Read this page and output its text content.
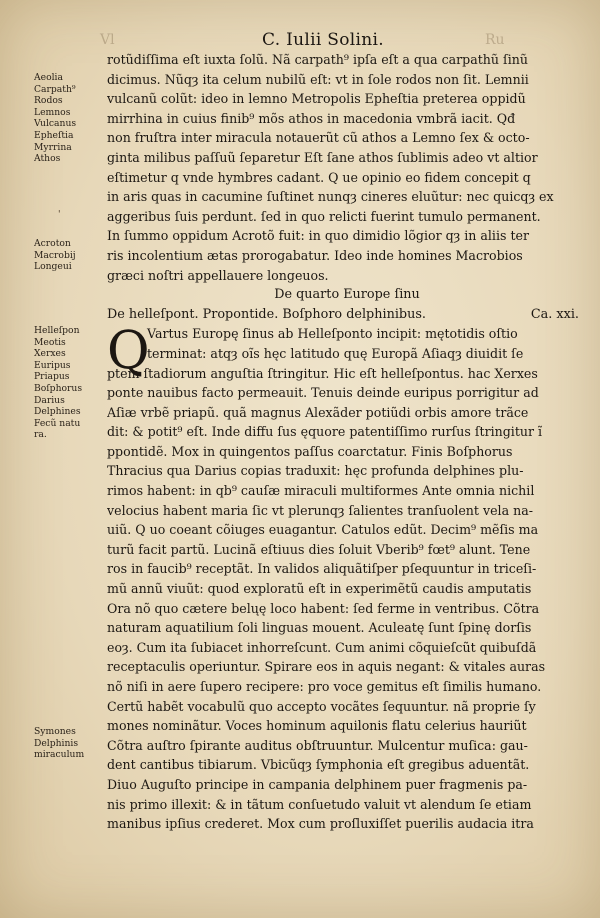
Vl	Ru
C. Iulii Solini.
Aeolia
Carpath⁹
Rodos
Lemnos
Vulcanus
Epheſtia
Myrrina
Athos
'
Acroton
Macrobij
Longeui
Helleſpon
Meotis
Xerxes
Euripus
Priapus
Boſphorus
Darius
Delphines
Fecũ natu
ra.
Symones
Delphinis
miraculum
Q
rotũdiſſima eſt iuxta ſolũ. Nã carpath⁹ ipſa eſt a qua carpathũ ſinũ
dicimus. Nũqȝ ita celum nubilũ eſt: vt in ſole rodos non ſit. Lemnii
vulcanũ colũt: ideo in lemno Metropolis Epheſtia preterea oppidũ
mirrhina in cuius finib⁹ mõs athos in macedonia vmbrã iacit. Qđ
non fruſtra inter miracula notauerũt cũ athos a Lemno ſex & octo-
ginta milibus paſſuũ ſeparetur Eſt ſane athos ſublimis adeo vt altior
eſtimetur q vnde hymbres cadant. Q ue opinio eo fidem concepit q
in aris quas in cacumine ſuſtinet nunqȝ cineres eluũtur: nec quicqȝ ex
aggeribus ſuis perdunt. ſed in quo relicti fuerint tumulo permanent.
In ſummo oppidum Acrotõ fuit: in quo dimidio lõgior qȝ in aliis ter
ris incolentium ætas prorogabatur. Ideo inde homines Macrobios
græci noſtri appellauere longeuos.
De quarto Europe ſinu
De helleſpont. Propontide. Boſphoro delphinibus.	Ca. xxi.
Vartus Europę ſinus ab Helleſponto incipit: mętotidis oſtio
terminat: atqȝ oĩs hęc latitudo quę Europã Aſiaqȝ diuidit ſe
ptem ſtadiorum anguſtia ſtringitur. Hic eſt helleſpontus. hac Xerxes
ponte nauibus facto permeauit. Tenuis deinde euripus porrigitur ad
Aſiæ vrbẽ priapũ. quã magnus Alexãder potiũdi orbis amore trãce
dit: & potit⁹ eſt. Inde diffu ſus ęquore patentiſſimo rurſus ſtringitur ĩ
ppontidẽ. Mox in quingentos paſſus coarctatur. Finis Boſphorus
Thracius qua Darius copias traduxit: hęc profunda delphines plu-
rimos habent: in qb⁹ cauſæ miraculi multiformes Ante omnia nichil
velocius habent maria ſic vt plerunqȝ ſalientes tranſuolent vela na-
uiũ. Q uo coeant cõiuges euagantur. Catulos edũt. Decim⁹ mẽſis ma
turũ facit partũ. Lucinã eſtiuus dies ſoluit Vberib⁹ fœt⁹ alunt. Tene
ros in faucib⁹ receptãt. In validos aliquãtiſper pſequuntur in triceſi-
mũ annũ viuũt: quod exploratũ eſt in experimẽtũ caudis amputatis
Ora nõ quo cætere belųę loco habent: ſed ferme in ventribus. Cõtra
naturam aquatilium ſoli linguas mouent. Aculeatę ſunt ſpinę dorſis
eoȝ. Cum ita ſubiacet inhorreſcunt. Cum animi cõquieſcũt quibuſdã
receptaculis operiuntur. Spirare eos in aquis negant: & vitales auras
nõ niſi in aere ſupero recipere: pro voce gemitus eſt ſimilis humano.
Certũ habẽt vocabulũ quo accepto vocãtes ſequuntur. nã proprie ſy
mones nominãtur. Voces hominum aquilonis flatu celerius hauriũt
Cõtra auſtro ſpirante auditus obſtruuntur. Mulcentur muſica: gau-
dent cantibus tibiarum. Vbicũqȝ ſymphonia eſt gregibus aduentãt.
Diuo Auguſto principe in campania delphinem puer fragmenis pa-
nis primo illexit: & in tãtum conſuetudo valuit vt alendum ſe etiam
manibus ipſius crederet. Mox cum proſluxiſſet puerilis audacia itra
